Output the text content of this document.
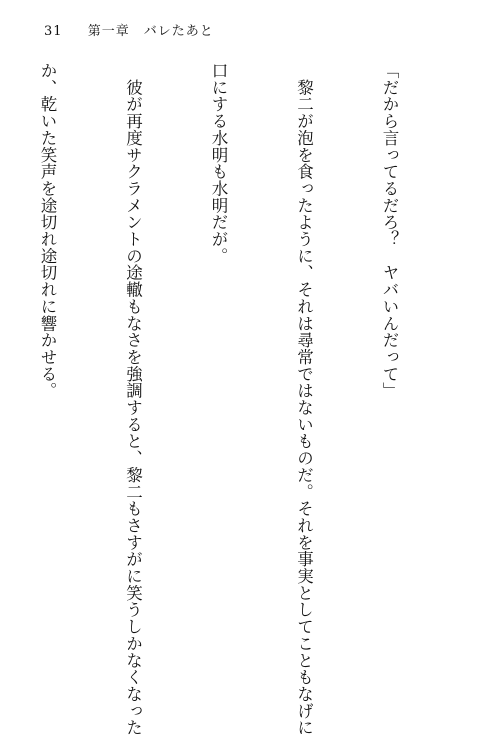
31 第一章　バレたあと

「だから言ってるだろ？　ヤバいんだって」

　黎二が泡を食ったように、それは尋常ではないものだ。それを事実としてこともなげに

口にする水明も水明だが。

　彼が再度サクラメントの途轍もなさを強調すると、黎二もさすがに笑うしかなくなった

か、乾いた笑声を途切れ途切れに響かせる。
